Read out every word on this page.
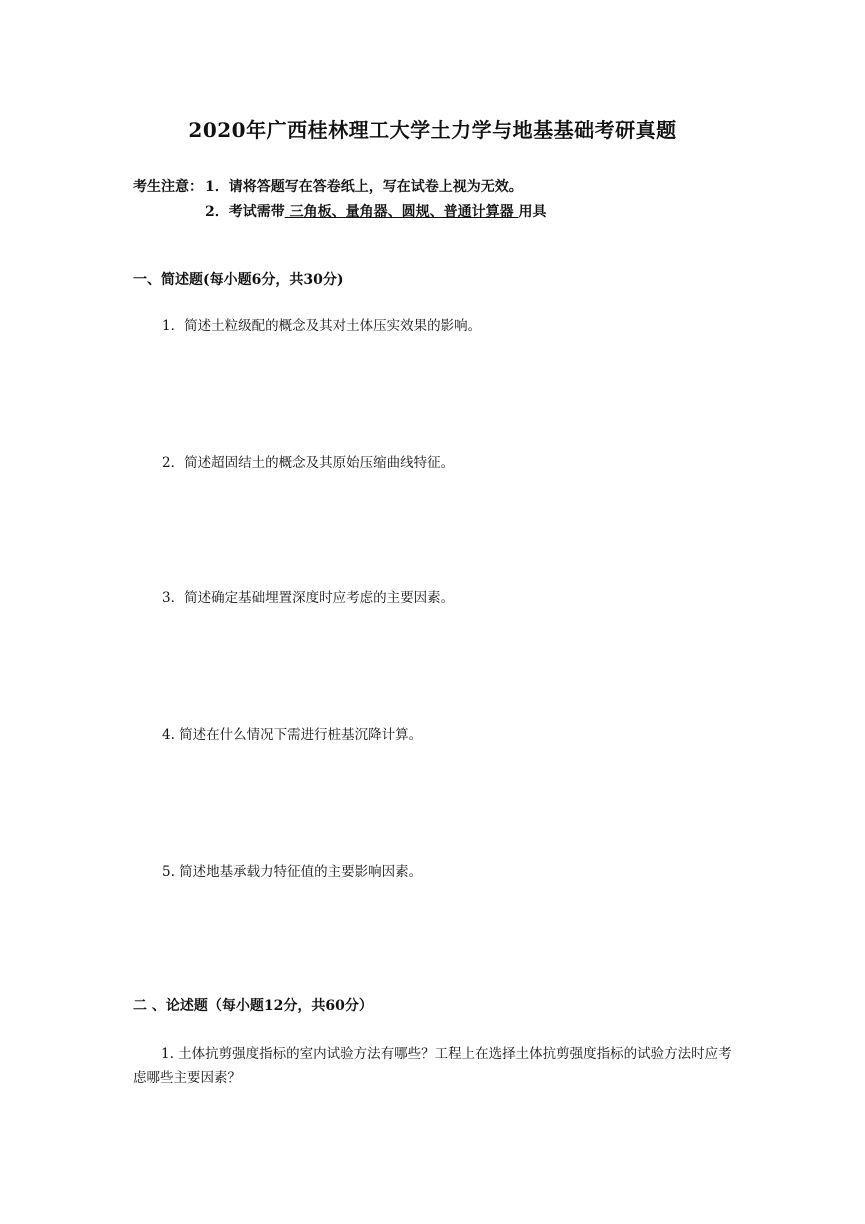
2020年广西桂林理工大学土力学与地基基础考研真题
考生注意： 1．请将答题写在答卷纸上，写在试卷上视为无效。
2．考试需带 三角板、量角器、圆规、普通计算器 用具
一、简述题(每小题6分，共30分)
1．简述土粒级配的概念及其对土体压实效果的影响。
2．简述超固结土的概念及其原始压缩曲线特征。
3．简述确定基础埋置深度时应考虑的主要因素。
4. 简述在什么情况下需进行桩基沉降计算。
5. 简述地基承载力特征值的主要影响因素。
二 、论述题（每小题12分，共60分）
1. 土体抗剪强度指标的室内试验方法有哪些？工程上在选择土体抗剪强度指标的试验方法时应考虑哪些主要因素？
